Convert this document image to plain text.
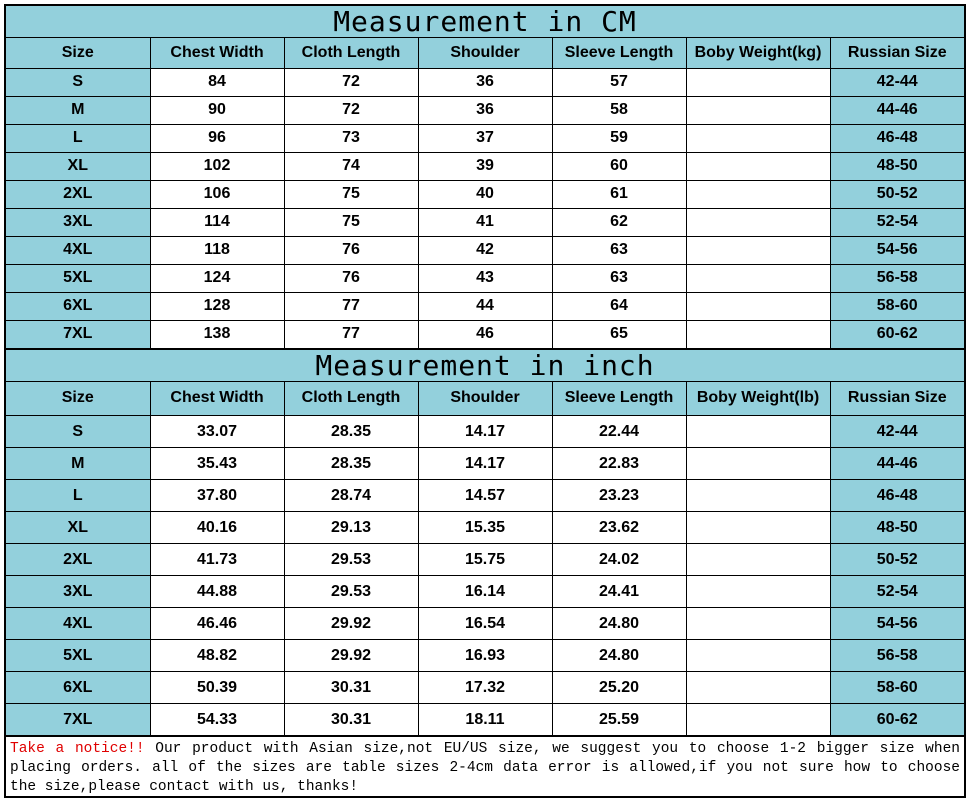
Measurement in CM
Size	Chest Width	Cloth Length	Shoulder	Sleeve Length	Boby Weight(kg)	Russian Size
S	84	72	36	57		42-44
M	90	72	36	58		44-46
L	96	73	37	59		46-48
XL	102	74	39	60		48-50
2XL	106	75	40	61		50-52
3XL	114	75	41	62		52-54
4XL	118	76	42	63		54-56
5XL	124	76	43	63		56-58
6XL	128	77	44	64		58-60
7XL	138	77	46	65		60-62
Measurement in inch
Size	Chest Width	Cloth Length	Shoulder	Sleeve Length	Boby Weight(lb)	Russian Size
S	33.07	28.35	14.17	22.44		42-44
M	35.43	28.35	14.17	22.83		44-46
L	37.80	28.74	14.57	23.23		46-48
XL	40.16	29.13	15.35	23.62		48-50
2XL	41.73	29.53	15.75	24.02		50-52
3XL	44.88	29.53	16.14	24.41		52-54
4XL	46.46	29.92	16.54	24.80		54-56
5XL	48.82	29.92	16.93	24.80		56-58
6XL	50.39	30.31	17.32	25.20		58-60
7XL	54.33	30.31	18.11	25.59		60-62
Take a notice!! Our product with Asian size,not EU/US size, we suggest you to choose 1-2 bigger size when placing orders. all of the sizes are table sizes 2-4cm data error is allowed,if you not sure how to choose the size,please contact with us, thanks!
